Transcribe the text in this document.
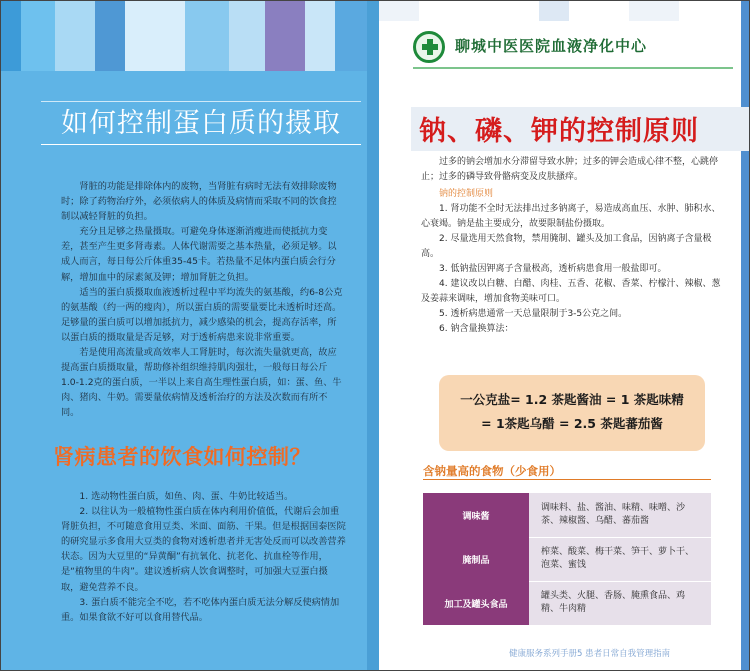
如何控制蛋白质的摄取

肾脏的功能是排除体内的废物，当肾脏有病时无法有效排除废物时；除了药物治疗外，必须依病人的体质及病情而采取不同的饮食控制以减轻肾脏的负担。

充分且足够之热量摄取。可避免身体逐渐消瘦进而使抵抗力变差，甚至产生更多肾毒素。人体代谢需要之基本热量，必须足够。以成人而言，每日每公斤体重35-45卡。若热量不足体内蛋白质会行分解，增加血中的尿素氮及钾；增加肾脏之负担。

适当的蛋白质摄取血液透析过程中平均流失的氨基酸，约6-8公克的氨基酸（约一两的瘦肉），所以蛋白质的需要量要比未透析时还高。足够量的蛋白质可以增加抵抗力，减少感染的机会，提高存活率，所以蛋白质的摄取量是否足够，对于透析病患来说非常重要。

若是使用高流量或高效率人工肾脏时，每次流失量就更高，故应提高蛋白质摄取量，帮助修补组织维持肌肉强壮，一般每日每公斤1.0-1.2克的蛋白质，一半以上来自高生理性蛋白质，如：蛋、鱼、牛肉、猪肉、牛奶。需要量依病情及透析治疗的方法及次数而有所不同。

肾病患者的饮食如何控制？

1. 选动物性蛋白质，如鱼、肉、蛋、牛奶比较适当。

2. 以往认为一般植物性蛋白质在体内利用价值低，代谢后会加重肾脏负担，不可随意食用豆类、米面、面筋、干果。但是根据国泰医院的研究显示多食用大豆类的食物对透析患者并无害处反而可以改善营养状态。因为大豆里的“异黄酮”有抗氧化、抗老化、抗血栓等作用，是“植物里的牛肉”。建议透析病人饮食调整时，可加强大豆蛋白摄取，避免营养不良。

3. 蛋白质不能完全不吃，若不吃体内蛋白质无法分解反使病情加重。如果食欲不好可以食用替代品。

聊城中医医院血液净化中心
钠、磷、钾的控制原则

过多的钠会增加水分滞留导致水肿；过多的钾会造成心律不整，心跳停止；过多的磷导致骨骼病变及皮肤搔痒。

钠的控制原则

1. 肾功能不全时无法排出过多钠离子，易造成高血压、水肿、肺积水、心衰竭。钠是盐主要成分，故要限制盐份摄取。

2. 尽量选用天然食物，禁用腌制、罐头及加工食品，因钠离子含量极高。

3. 低钠盐因钾离子含量极高，透析病患食用一般盐即可。

4. 建议改以白糖、白醋、肉桂、五香、花椒、香菜、柠檬汁、辣椒、葱及姜蒜来调味，增加食物美味可口。

5. 透析病患通常一天总量限制于3-5公克之间。

6. 钠含量换算法：

一公克盐= 1.2 茶匙酱油 = 1 茶匙味精
= 1茶匙乌醋 = 2.5 茶匙蕃茄酱
含钠量高的食物（少食用）
调味酱	调味料、盐、酱油、味精、味噌、沙茶、辣椒酱、乌醋、蕃茄酱
腌制品	榨菜、酸菜、梅干菜、笋干、萝卜干、泡菜、蜜饯
加工及罐头食品	罐头类、火腿、香肠、腌熏食品、鸡精、牛肉精
健康服务系列手册5 患者日常自我管理指南
